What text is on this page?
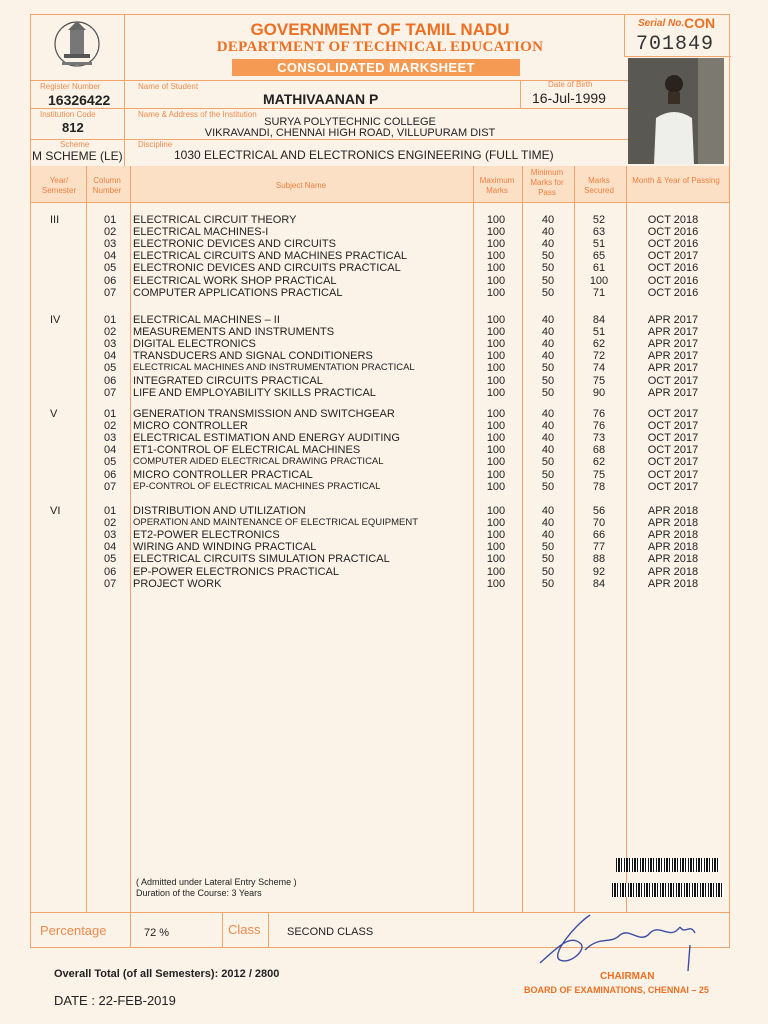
GOVERNMENT OF TAMIL NADU
DEPARTMENT OF TECHNICAL EDUCATION
CONSOLIDATED MARKSHEET
Serial No. CON
701849
Register Number
16326422
Name of Student
MATHIVAANAN P
Date of Birth
16-Jul-1999
Institution Code
812
Name & Address of the Institution
SURYA POLYTECHNIC COLLEGE
VIKRAVANDI, CHENNAI HIGH ROAD, VILLUPURAM DIST
Scheme
M SCHEME (LE)
Discipline
1030 ELECTRICAL AND ELECTRONICS ENGINEERING (FULL TIME)
Year/ Semester
Column Number
Subject Name
Maximum Marks
Minimum Marks for Pass
Marks Secured
Month & Year of Passing
III	01 ELECTRICAL CIRCUIT THEORY	100	40	52	OCT 2018
02 ELECTRICAL MACHINES-I	100	40	63	OCT 2016
03 ELECTRONIC DEVICES AND CIRCUITS	100	40	51	OCT 2016
04 ELECTRICAL CIRCUITS AND MACHINES PRACTICAL	100	50	65	OCT 2017
05 ELECTRONIC DEVICES AND CIRCUITS PRACTICAL	100	50	61	OCT 2016
06 ELECTRICAL WORK SHOP PRACTICAL	100	50	100	OCT 2016
07 COMPUTER APPLICATIONS PRACTICAL	100	50	71	OCT 2016
IV	01 ELECTRICAL MACHINES – II	100	40	84	APR 2017
02 MEASUREMENTS AND INSTRUMENTS	100	40	51	APR 2017
03 DIGITAL ELECTRONICS	100	40	62	APR 2017
04 TRANSDUCERS AND SIGNAL CONDITIONERS	100	40	72	APR 2017
05 ELECTRICAL MACHINES AND INSTRUMENTATION PRACTICAL	100	50	74	APR 2017
06 INTEGRATED CIRCUITS PRACTICAL	100	50	75	OCT 2017
07 LIFE AND EMPLOYABILITY SKILLS PRACTICAL	100	50	90	APR 2017
V	01 GENERATION TRANSMISSION AND SWITCHGEAR	100	40	76	OCT 2017
02 MICRO CONTROLLER	100	40	76	OCT 2017
03 ELECTRICAL ESTIMATION AND ENERGY AUDITING	100	40	73	OCT 2017
04 ET1-CONTROL OF ELECTRICAL MACHINES	100	40	68	OCT 2017
05 COMPUTER AIDED ELECTRICAL DRAWING PRACTICAL	100	50	62	OCT 2017
06 MICRO CONTROLLER PRACTICAL	100	50	75	OCT 2017
07 EP-CONTROL OF ELECTRICAL MACHINES PRACTICAL	100	50	78	OCT 2017
VI	01 DISTRIBUTION AND UTILIZATION	100	40	56	APR 2018
02 OPERATION AND MAINTENANCE OF ELECTRICAL EQUIPMENT	100	40	70	APR 2018
03 ET2-POWER ELECTRONICS	100	40	66	APR 2018
04 WIRING AND WINDING PRACTICAL	100	50	77	APR 2018
05 ELECTRICAL CIRCUITS SIMULATION PRACTICAL	100	50	88	APR 2018
06 EP-POWER ELECTRONICS PRACTICAL	100	50	92	APR 2018
07 PROJECT WORK	100	50	84	APR 2018
( Admitted under Lateral Entry Scheme )
Duration of the Course: 3 Years
Percentage	72 %	Class SECOND CLASS
Overall Total (of all Semesters): 2012 / 2800
DATE : 22-FEB-2019
CHAIRMAN
BOARD OF EXAMINATIONS, CHENNAI – 25
